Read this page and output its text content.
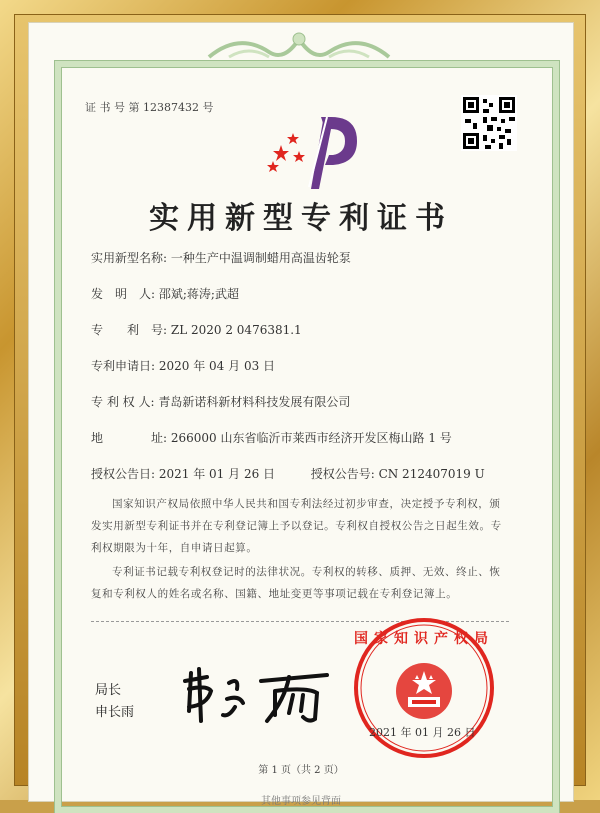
证 书 号 第 12387432 号
实用新型专利证书
实用新型名称: 一种生产中温调制蜡用高温齿轮泵
发　明　人: 邵斌;蒋涛;武超
专　　利　号: ZL 2020 2 0476381.1
专利申请日: 2020 年 04 月 03 日
专 利 权 人: 青岛新诺科新材料科技发展有限公司
地　　　　址: 266000 山东省临沂市莱西市经济开发区梅山路 1 号
授权公告日: 2021 年 01 月 26 日	授权公告号: CN 212407019 U
国家知识产权局依照中华人民共和国专利法经过初步审查，决定授予专利权，颁发实用新型专利证书并在专利登记簿上予以登记。专利权自授权公告之日起生效。专利权期限为十年，自申请日起算。
专利证书记载专利权登记时的法律状况。专利权的转移、质押、无效、终止、恢复和专利权人的姓名或名称、国籍、地址变更等事项记载在专利登记簿上。
局长
申长雨
国家知识产权局
2021 年 01 月 26 日
第 1 页（共 2 页）
其他事项参见背面
